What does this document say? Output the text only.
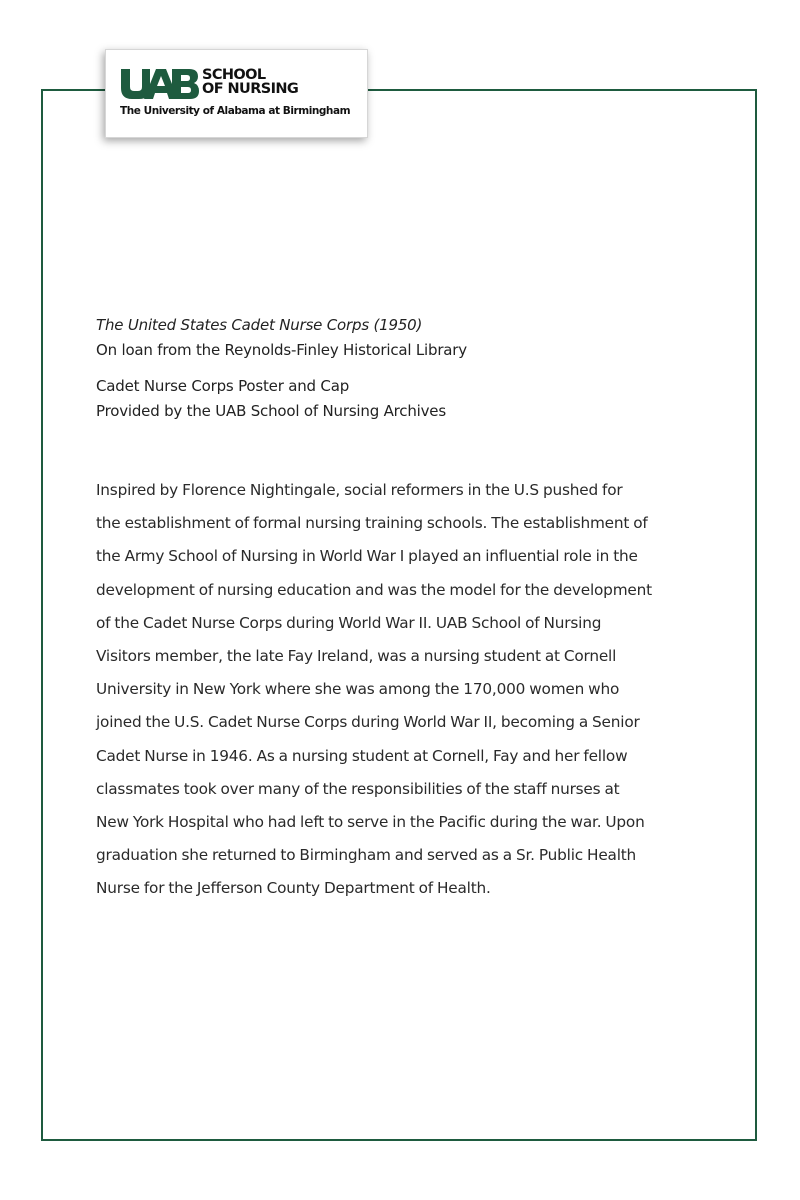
SCHOOL
OF NURSING
The University of Alabama at Birmingham
The United States Cadet Nurse Corps (1950)
On loan from the Reynolds-Finley Historical Library
Cadet Nurse Corps Poster and Cap
Provided by the UAB School of Nursing Archives
Inspired by Florence Nightingale, social reformers in the U.S pushed for
the establishment of formal nursing training schools. The establishment of
the Army School of Nursing in World War I played an influential role in the
development of nursing education and was the model for the development
of the Cadet Nurse Corps during World War II. UAB School of Nursing
Visitors member, the late Fay Ireland, was a nursing student at Cornell
University in New York where she was among the 170,000 women who
joined the U.S. Cadet Nurse Corps during World War II, becoming a Senior
Cadet Nurse in 1946. As a nursing student at Cornell, Fay and her fellow
classmates took over many of the responsibilities of the staff nurses at
New York Hospital who had left to serve in the Pacific during the war. Upon
graduation she returned to Birmingham and served as a Sr. Public Health
Nurse for the Jefferson County Department of Health.
